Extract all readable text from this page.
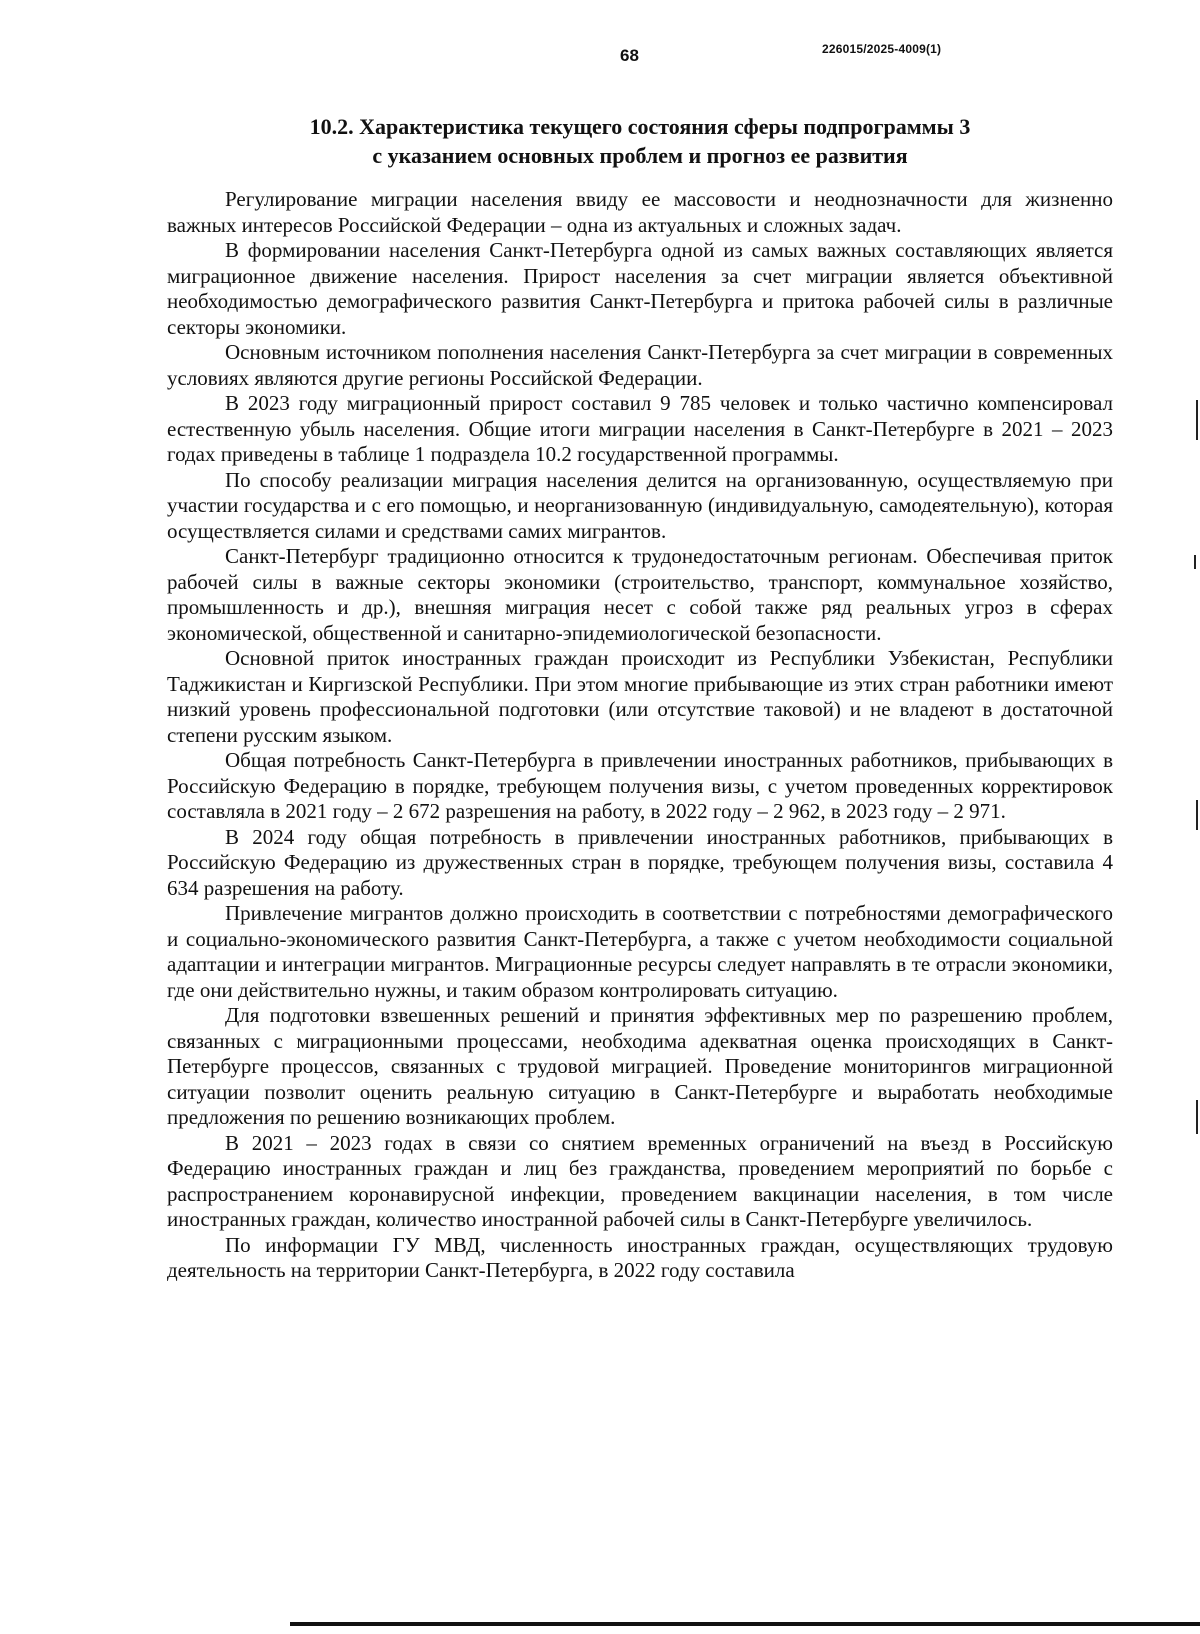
68	226015/2025-4009(1)
10.2. Характеристика текущего состояния сферы подпрограммы 3
с указанием основных проблем и прогноз ее развития

Регулирование миграции населения ввиду ее массовости и неоднозначности для жизненно важных интересов Российской Федерации – одна из актуальных и сложных задач.

В формировании населения Санкт-Петербурга одной из самых важных составляющих является миграционное движение населения. Прирост населения за счет миграции является объективной необходимостью демографического развития Санкт-Петербурга и притока рабочей силы в различные секторы экономики.

Основным источником пополнения населения Санкт-Петербурга за счет миграции в современных условиях являются другие регионы Российской Федерации.

В 2023 году миграционный прирост составил 9 785 человек и только частично компенсировал естественную убыль населения. Общие итоги миграции населения в Санкт-Петербурге в 2021 – 2023 годах приведены в таблице 1 подраздела 10.2 государственной программы.

По способу реализации миграция населения делится на организованную, осуществляемую при участии государства и с его помощью, и неорганизованную (индивидуальную, самодеятельную), которая осуществляется силами и средствами самих мигрантов.

Санкт-Петербург традиционно относится к трудонедостаточным регионам. Обеспечивая приток рабочей силы в важные секторы экономики (строительство, транспорт, коммунальное хозяйство, промышленность и др.), внешняя миграция несет с собой также ряд реальных угроз в сферах экономической, общественной и санитарно-эпидемиологической безопасности.

Основной приток иностранных граждан происходит из Республики Узбекистан, Республики Таджикистан и Киргизской Республики. При этом многие прибывающие из этих стран работники имеют низкий уровень профессиональной подготовки (или отсутствие таковой) и не владеют в достаточной степени русским языком.

Общая потребность Санкт-Петербурга в привлечении иностранных работников, прибывающих в Российскую Федерацию в порядке, требующем получения визы, с учетом проведенных корректировок составляла в 2021 году – 2 672 разрешения на работу, в 2022 году – 2 962, в 2023 году – 2 971.

В 2024 году общая потребность в привлечении иностранных работников, прибывающих в Российскую Федерацию из дружественных стран в порядке, требующем получения визы, составила 4 634 разрешения на работу.

Привлечение мигрантов должно происходить в соответствии с потребностями демографического и социально-экономического развития Санкт-Петербурга, а также с учетом необходимости социальной адаптации и интеграции мигрантов. Миграционные ресурсы следует направлять в те отрасли экономики, где они действительно нужны, и таким образом контролировать ситуацию.

Для подготовки взвешенных решений и принятия эффективных мер по разрешению проблем, связанных с миграционными процессами, необходима адекватная оценка происходящих в Санкт-Петербурге процессов, связанных с трудовой миграцией. Проведение мониторингов миграционной ситуации позволит оценить реальную ситуацию в Санкт-Петербурге и выработать необходимые предложения по решению возникающих проблем.

В 2021 – 2023 годах в связи со снятием временных ограничений на въезд в Российскую Федерацию иностранных граждан и лиц без гражданства, проведением мероприятий по борьбе с распространением коронавирусной инфекции, проведением вакцинации населения, в том числе иностранных граждан, количество иностранной рабочей силы в Санкт-Петербурге увеличилось.

По информации ГУ МВД, численность иностранных граждан, осуществляющих трудовую деятельность на территории Санкт-Петербурга, в 2022 году составила
